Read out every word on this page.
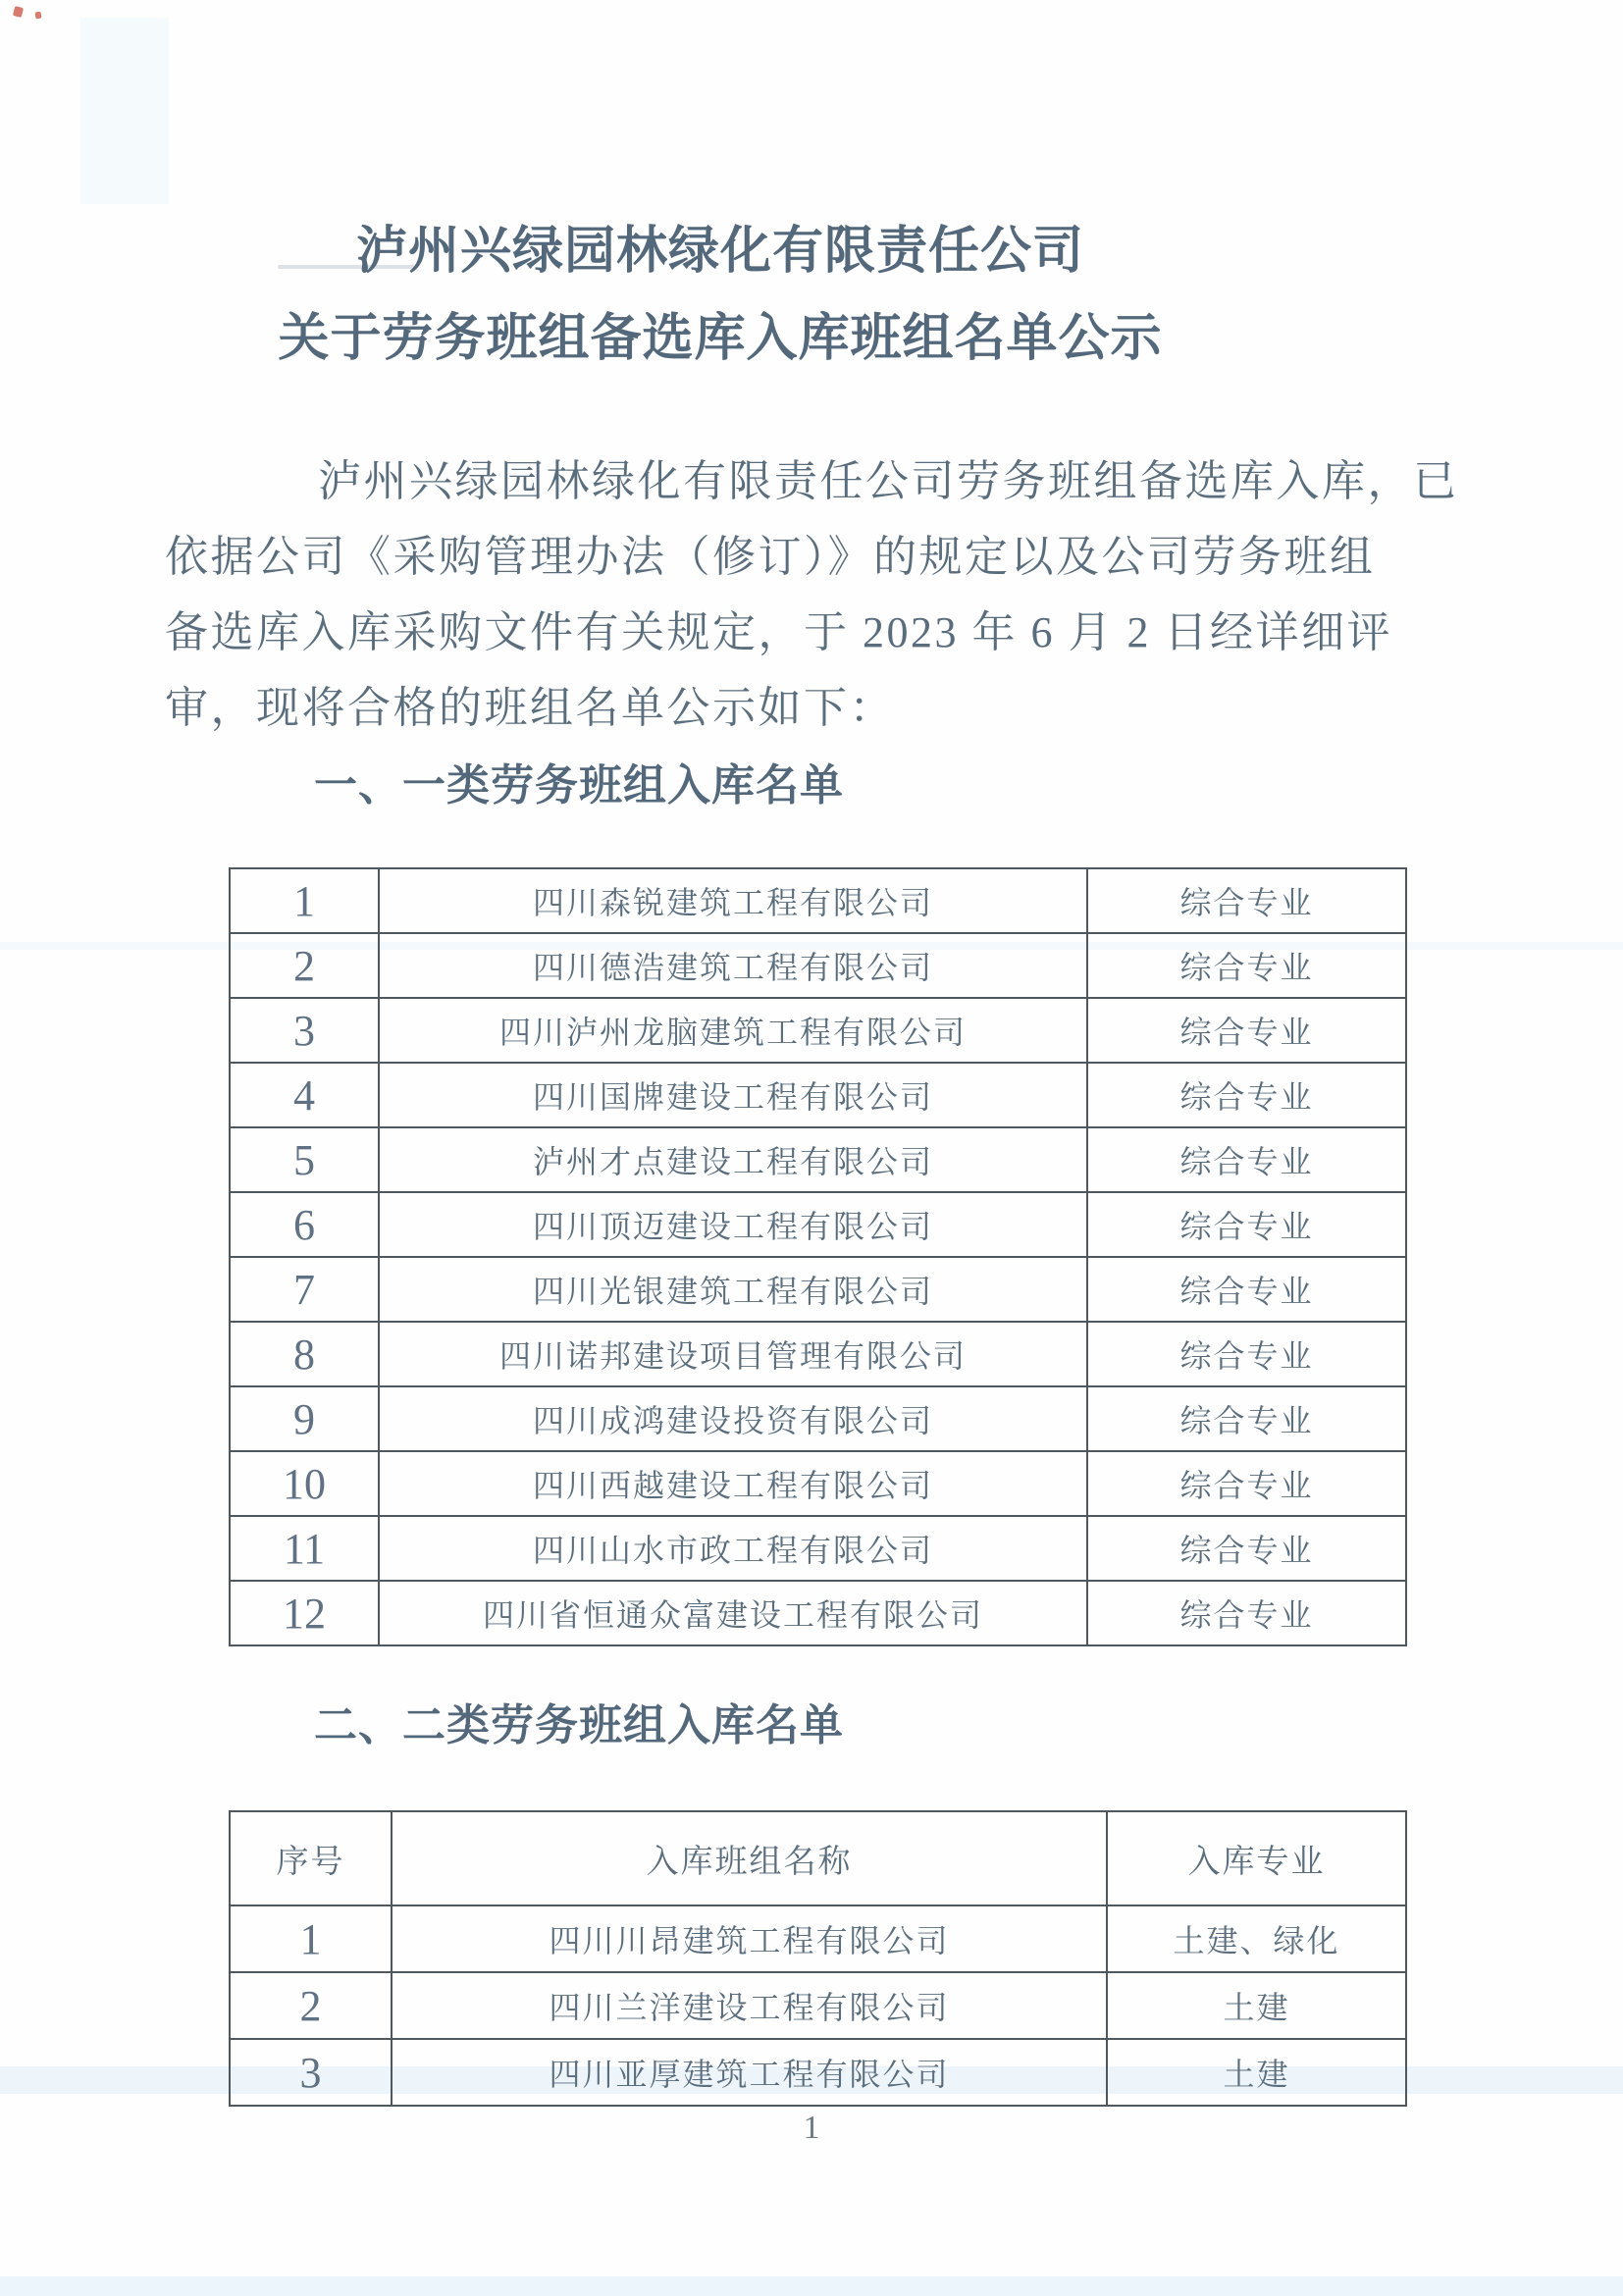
泸州兴绿园林绿化有限责任公司
关于劳务班组备选库入库班组名单公示
泸州兴绿园林绿化有限责任公司劳务班组备选库入库，已
依据公司《采购管理办法（修订）》的规定以及公司劳务班组
备选库入库采购文件有关规定，于 2023 年 6 月 2 日经详细评
审，现将合格的班组名单公示如下：
一、一类劳务班组入库名单
1	四川森锐建筑工程有限公司	综合专业
2	四川德浩建筑工程有限公司	综合专业
3	四川泸州龙脑建筑工程有限公司	综合专业
4	四川国牌建设工程有限公司	综合专业
5	泸州才点建设工程有限公司	综合专业
6	四川顶迈建设工程有限公司	综合专业
7	四川光银建筑工程有限公司	综合专业
8	四川诺邦建设项目管理有限公司	综合专业
9	四川成鸿建设投资有限公司	综合专业
10	四川西越建设工程有限公司	综合专业
11	四川山水市政工程有限公司	综合专业
12	四川省恒通众富建设工程有限公司	综合专业
二、二类劳务班组入库名单
序号	入库班组名称	入库专业
1	四川川昂建筑工程有限公司	土建、绿化
2	四川兰洋建设工程有限公司	土建
3	四川亚厚建筑工程有限公司	土建
1
